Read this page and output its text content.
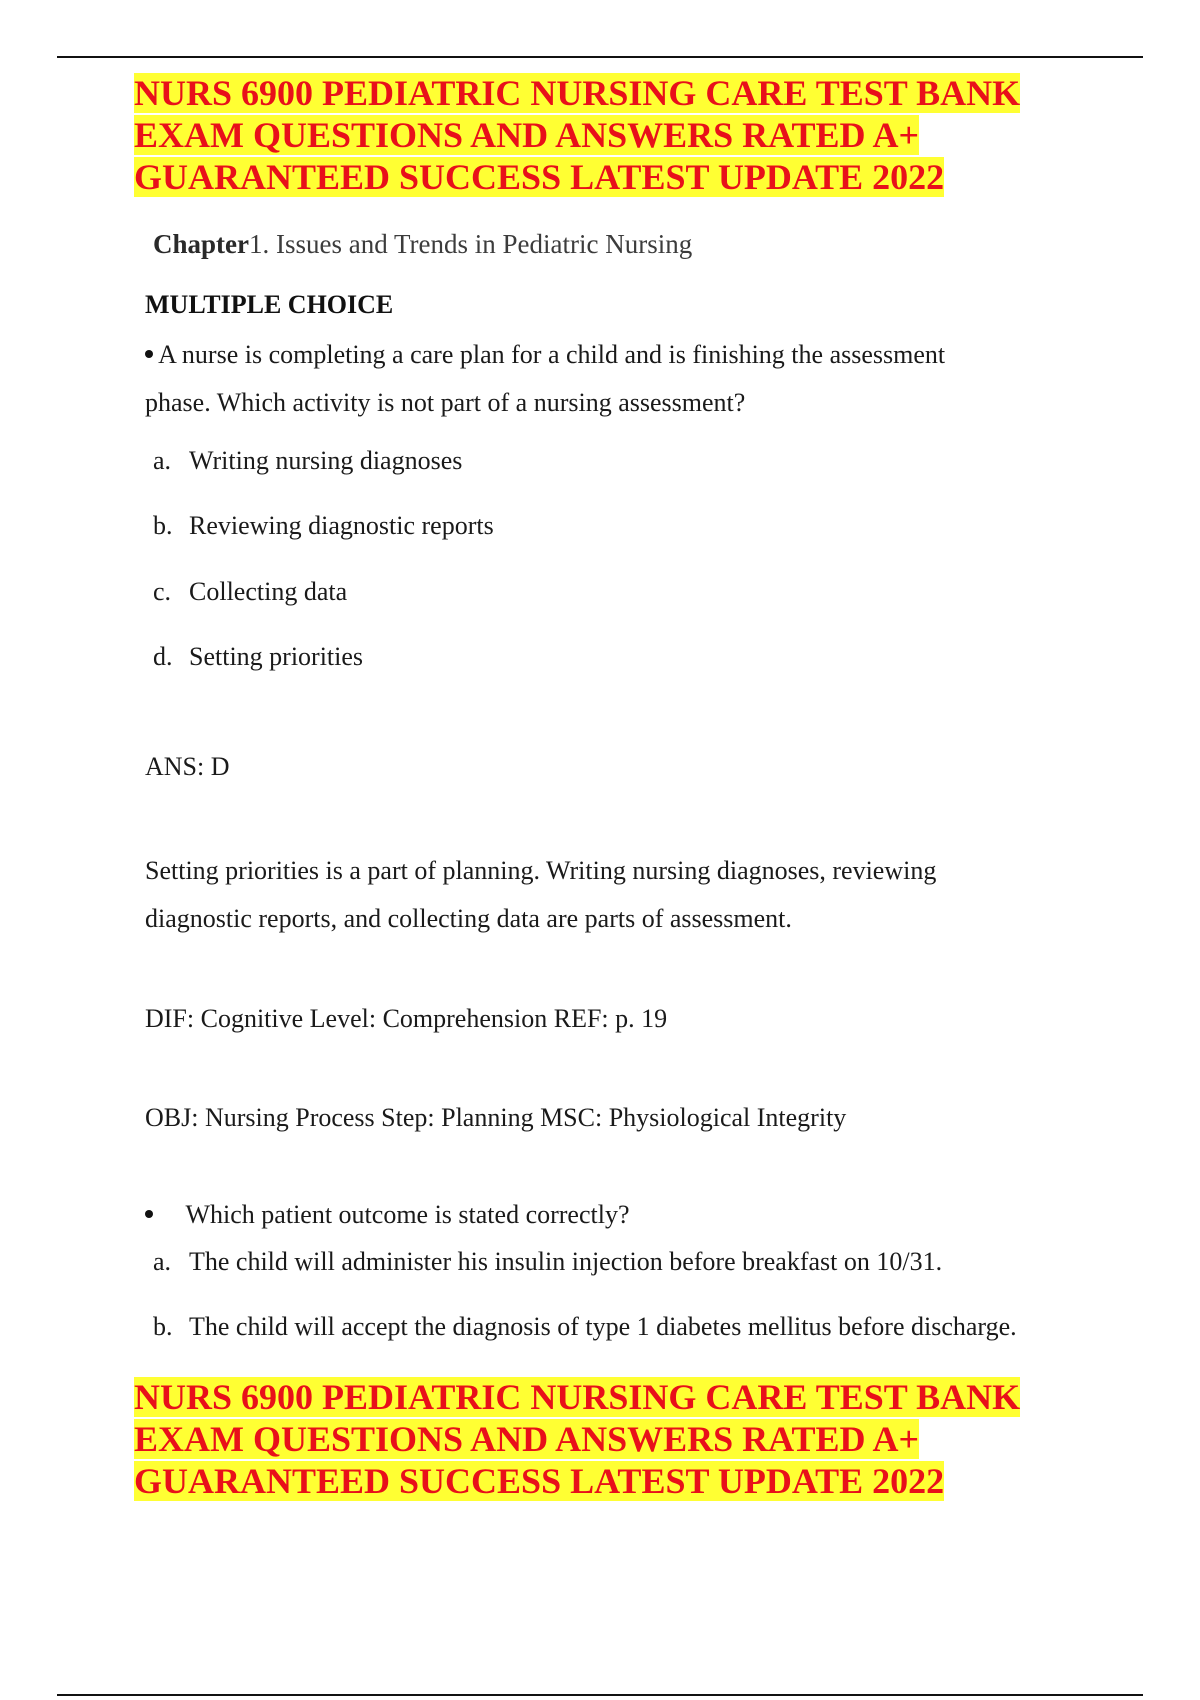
NURS 6900 PEDIATRIC NURSING CARE TEST BANK
EXAM QUESTIONS AND ANSWERS RATED A+
GUARANTEED SUCCESS LATEST UPDATE 2022

Chapter1. Issues and Trends in Pediatric Nursing

MULTIPLE CHOICE

A nurse is completing a care plan for a child and is finishing the assessment
phase. Which activity is not part of a nursing assessment?

a. Writing nursing diagnoses

b. Reviewing diagnostic reports

c. Collecting data

d. Setting priorities

ANS: D

Setting priorities is a part of planning. Writing nursing diagnoses, reviewing
diagnostic reports, and collecting data are parts of assessment.

DIF: Cognitive Level: Comprehension REF: p. 19

OBJ: Nursing Process Step: Planning MSC: Physiological Integrity

Which patient outcome is stated correctly?

a. The child will administer his insulin injection before breakfast on 10/31.

b. The child will accept the diagnosis of type 1 diabetes mellitus before discharge.

NURS 6900 PEDIATRIC NURSING CARE TEST BANK
EXAM QUESTIONS AND ANSWERS RATED A+
GUARANTEED SUCCESS LATEST UPDATE 2022
